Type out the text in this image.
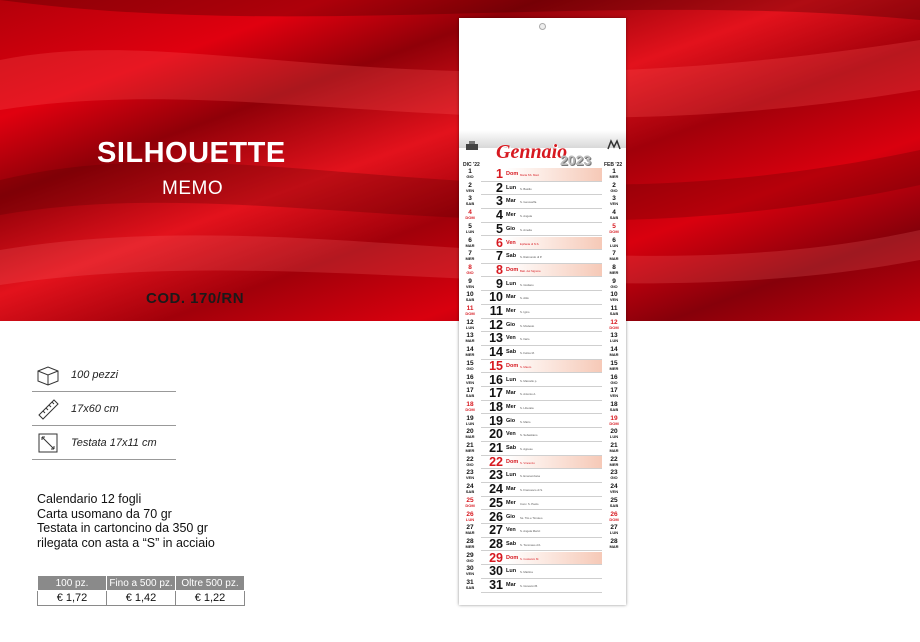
SILHOUETTE
MEMO
COD. 170/RN
100 pezzi
17x60 cm
Testata 17x11 cm
Calendario 12 fogli
Carta usomano da 70 gr
Testata in cartoncino da 350 gr
rilegata con asta a “S” in acciaio
100 pz.	Fino a 500 pz.	Oltre 500 pz.
€ 1,72	€ 1,42	€ 1,22
Gennaio
2023
DIC '22	FEB '22
1 Dom Maria SS. Mad.
2 Lun S. Basilio
3 Mar S. Genoveffa
4 Mer S. Angela
5 Gio S. Amelia
6 Ven Epifania di N.S.
7 Sab S. Raimondo di P.
8 Dom Batt. del Signore
9 Lun S. Giuliano
10 Mar S. Aldo
11 Mer S. Igino
12 Gio S. Modesto
13 Ven S. Ilario
14 Sab S. Felice M.
15 Dom S. Mauro
16 Lun S. Marcello p.
17 Mar S. Antonio A.
18 Mer S. Liberata
19 Gio S. Mario
20 Ven S. Sebastiano
21 Sab S. Agnese
22 Dom S. Vincenzo
23 Lun S. Emerenziana
24 Mar S. Francesco di S.
25 Mer Conv. S. Paolo
26 Gio Ss. Tito e Timoteo
27 Ven S. Angela Merici
28 Sab S. Tommaso d'A.
29 Dom S. Costanzo M.
30 Lun S. Martina
31 Mar S. Giovanni B.
1
GIO
2
VEN
3
SAB
4
DOM
5
LUN
6
MAR
7
MER
8
GIO
9
VEN
10
SAB
11
DOM
12
LUN
13
MAR
14
MER
15
GIO
16
VEN
17
SAB
18
DOM
19
LUN
20
MAR
21
MER
22
GIO
23
VEN
24
SAB
25
DOM
26
LUN
27
MAR
28
MER
29
GIO
30
VEN
31
SAB
1
MER
2
GIO
3
VEN
4
SAB
5
DOM
6
LUN
7
MAR
8
MER
9
GIO
10
VEN
11
SAB
12
DOM
13
LUN
14
MAR
15
MER
16
GIO
17
VEN
18
SAB
19
DOM
20
LUN
21
MAR
22
MER
23
GIO
24
VEN
25
SAB
26
DOM
27
LUN
28
MAR
